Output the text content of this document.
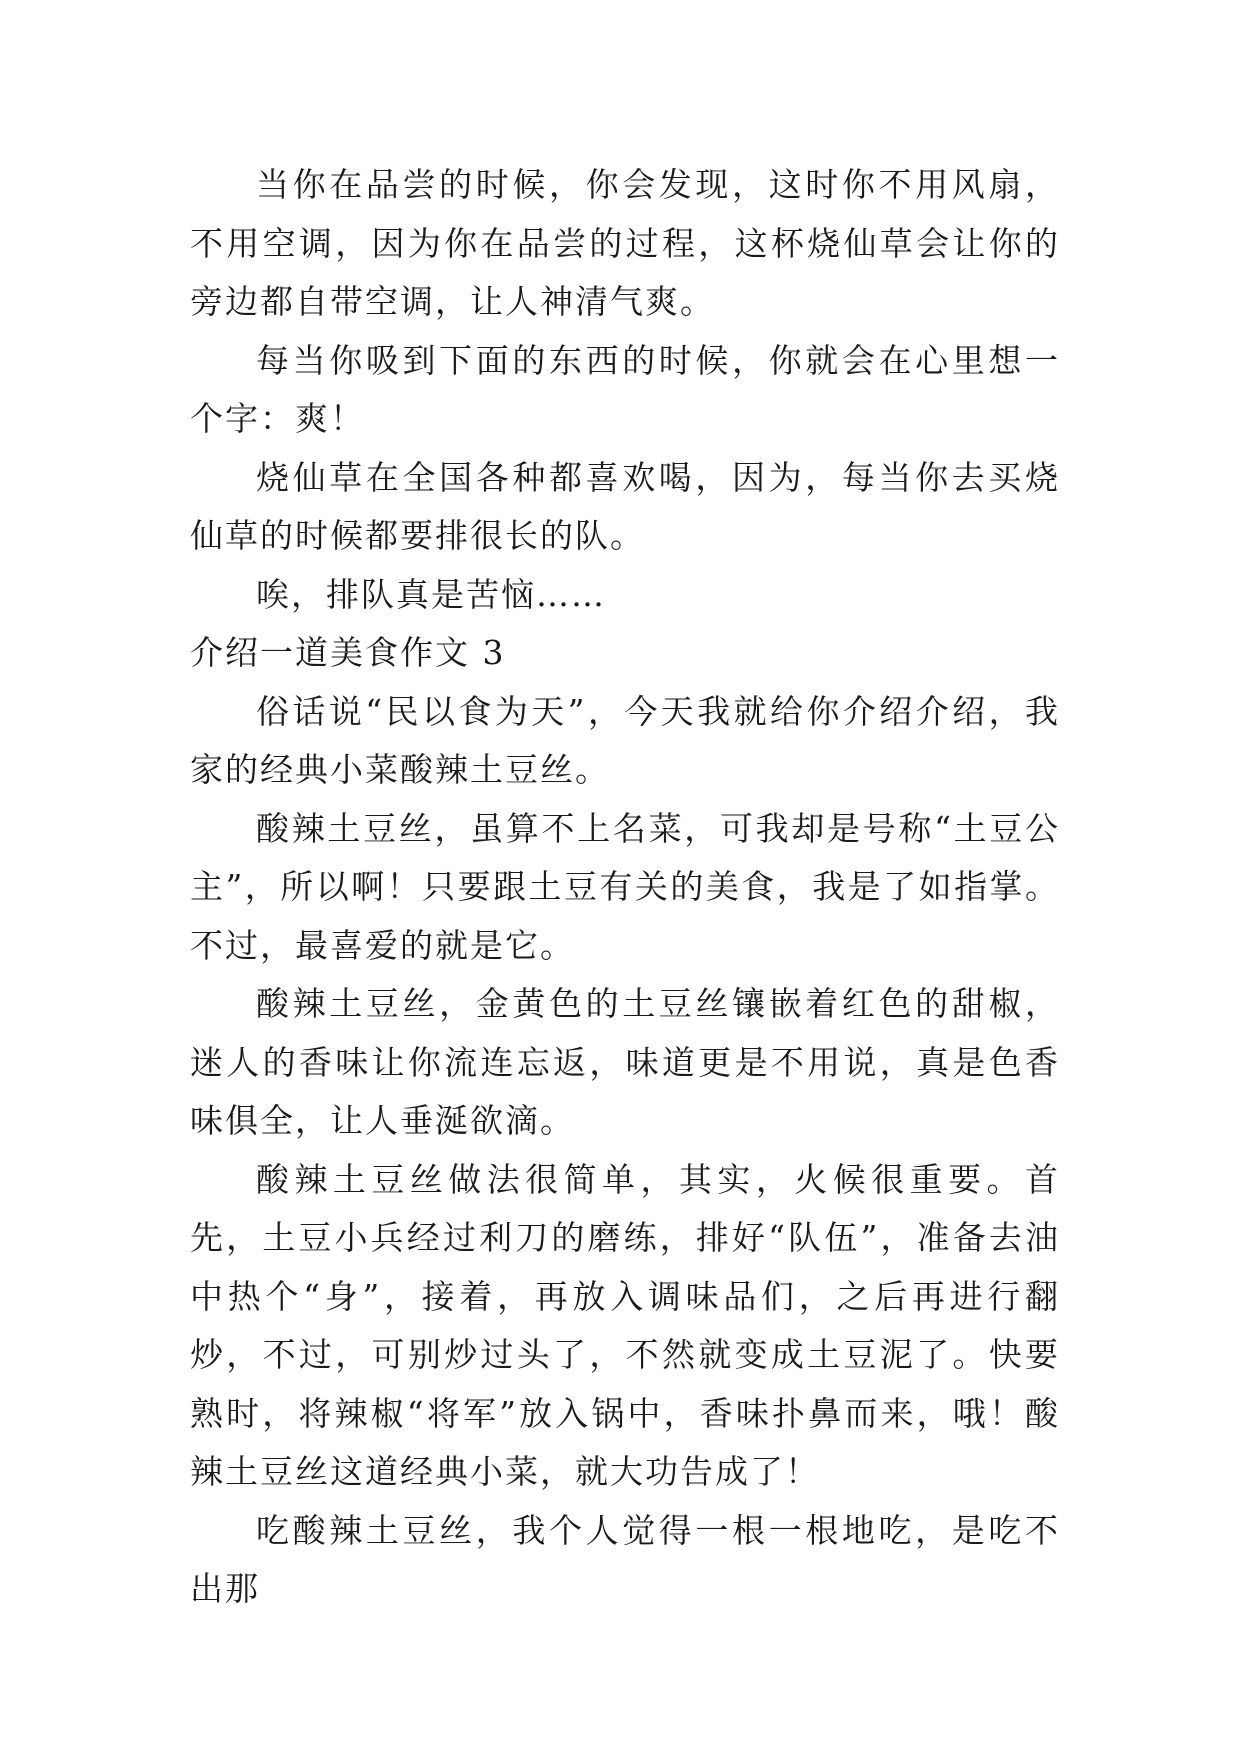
当你在品尝的时候，你会发现，这时你不用风扇，不用空调，因为你在品尝的过程，这杯烧仙草会让你的旁边都自带空调，让人神清气爽。

每当你吸到下面的东西的时候，你就会在心里想一个字：爽！

烧仙草在全国各种都喜欢喝，因为，每当你去买烧仙草的时候都要排很长的队。

唉，排队真是苦恼……

介绍一道美食作文 3

俗话说“民以食为天”，今天我就给你介绍介绍，我家的经典小菜酸辣土豆丝。

酸辣土豆丝，虽算不上名菜，可我却是号称“土豆公主”，所以啊！只要跟土豆有关的美食，我是了如指掌。不过，最喜爱的就是它。

酸辣土豆丝，金黄色的土豆丝镶嵌着红色的甜椒，迷人的香味让你流连忘返，味道更是不用说，真是色香味俱全，让人垂涎欲滴。

酸辣土豆丝做法很简单，其实，火候很重要。首先，土豆小兵经过利刀的磨练，排好“队伍”，准备去油中热个“身”，接着，再放入调味品们，之后再进行翻炒，不过，可别炒过头了，不然就变成土豆泥了。快要熟时，将辣椒“将军”放入锅中，香味扑鼻而来，哦！酸辣土豆丝这道经典小菜，就大功告成了！

吃酸辣土豆丝，我个人觉得一根一根地吃，是吃不出那
